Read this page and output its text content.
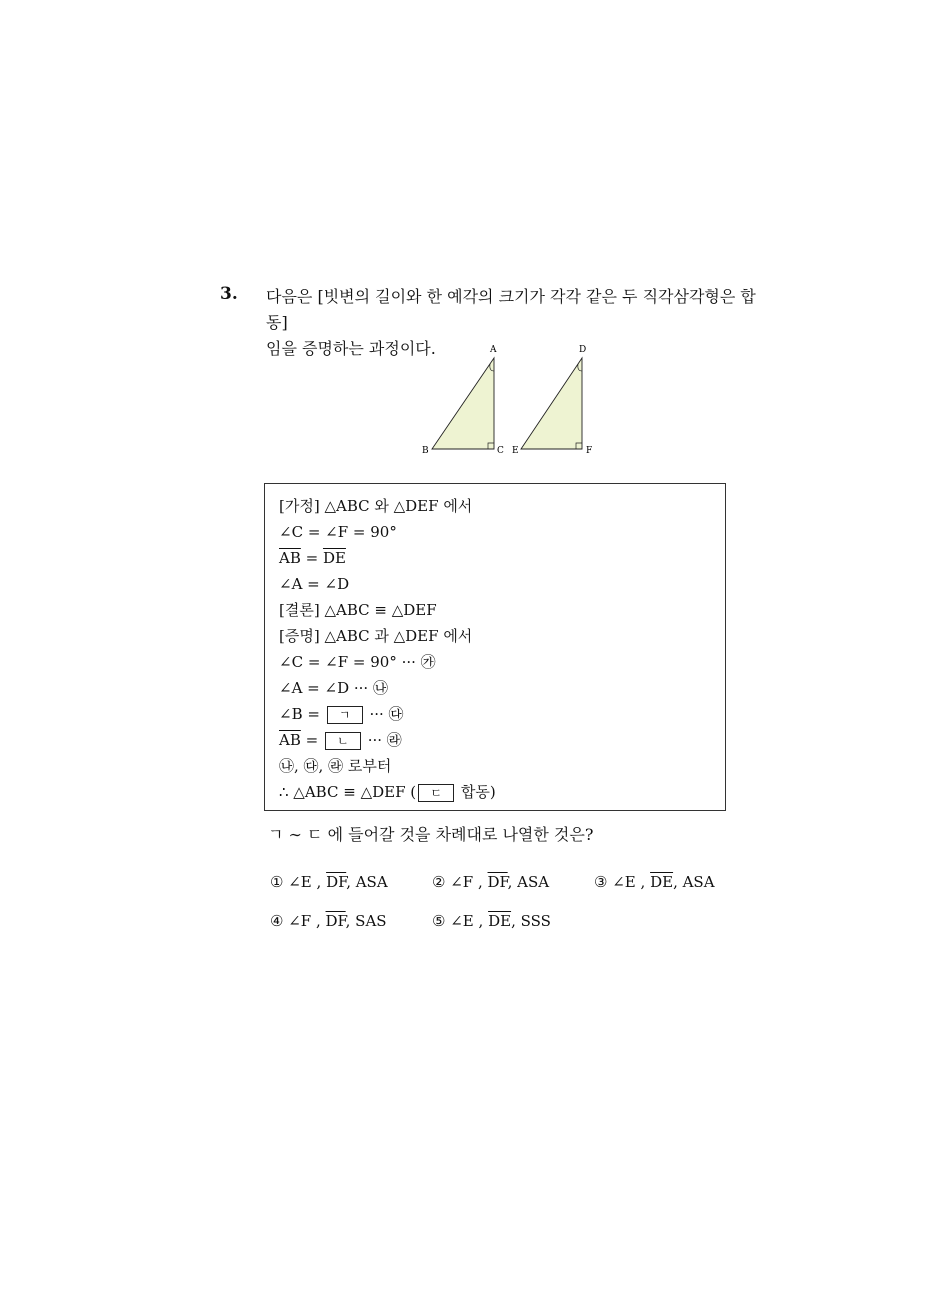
3. 다음은 [빗변의 길이와 한 예각의 크기가 각각 같은 두 직각삼각형은 합동]
임을 증명하는 과정이다.	A
B	C
D
E	F
[가정] △ABC 와 △DEF 에서
∠C = ∠F = 90°
$\overline{AB} = \overline{DE}$
∠A = ∠D
[결론] △ABC ≡ △DEF
[증명] △ABC 과 △DEF 에서
∠C = ∠F = 90° ··· ㉮
∠A = ∠D ··· ㉯
∠B = ㄱ ··· ㉰
$\overline{AB}$ = ㄴ ··· ㉱
㉯, ㉰, ㉱ 로부터
∴ △ABC ≡ △DEF ( ㄷ 합동)
ㄱ ∼ ㄷ 에 들어갈 것을 차례대로 나열한 것은?
① ∠E , $\overline{DF}$, ASA	② ∠F , $\overline{DF}$, ASA	③ ∠E , $\overline{DE}$, ASA
④ ∠F , $\overline{DF}$, SAS	⑤ ∠E , $\overline{DE}$, SSS
